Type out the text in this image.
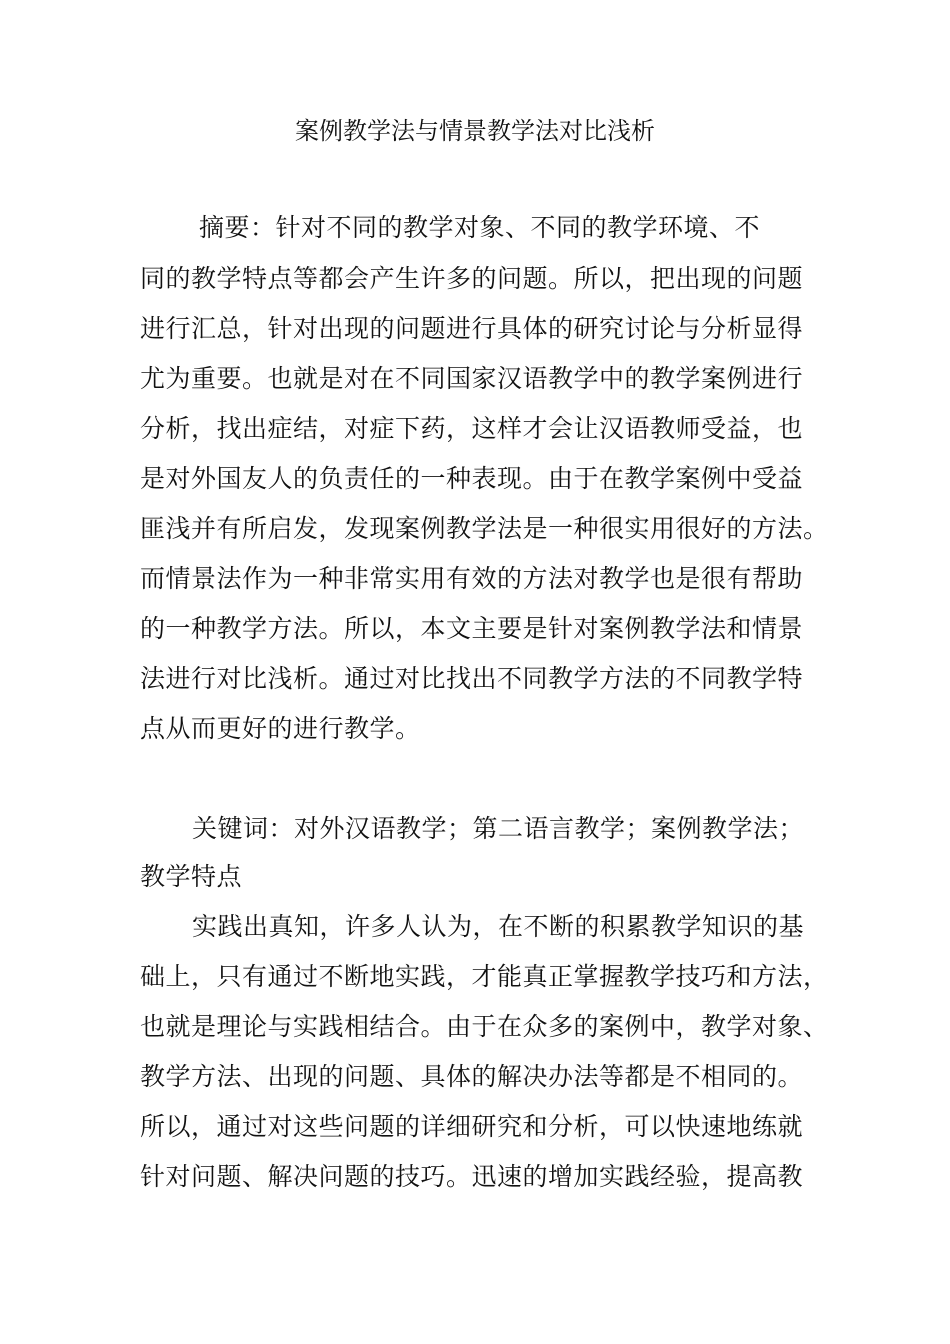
案例教学法与情景教学法对比浅析
摘要：针对不同的教学对象、不同的教学环境、不
同的教学特点等都会产生许多的问题。所以，把出现的问题
进行汇总，针对出现的问题进行具体的研究讨论与分析显得
尤为重要。也就是对在不同国家汉语教学中的教学案例进行
分析，找出症结，对症下药，这样才会让汉语教师受益，也
是对外国友人的负责任的一种表现。由于在教学案例中受益
匪浅并有所启发，发现案例教学法是一种很实用很好的方法。
而情景法作为一种非常实用有效的方法对教学也是很有帮助
的一种教学方法。所以，本文主要是针对案例教学法和情景
法进行对比浅析。通过对比找出不同教学方法的不同教学特
点从而更好的进行教学。
关键词：对外汉语教学；第二语言教学；案例教学法；
教学特点
实践出真知，许多人认为，在不断的积累教学知识的基
础上，只有通过不断地实践，才能真正掌握教学技巧和方法，
也就是理论与实践相结合。由于在众多的案例中，教学对象、
教学方法、出现的问题、具体的解决办法等都是不相同的。
所以，通过对这些问题的详细研究和分析，可以快速地练就
针对问题、解决问题的技巧。迅速的增加实践经验，提高教
